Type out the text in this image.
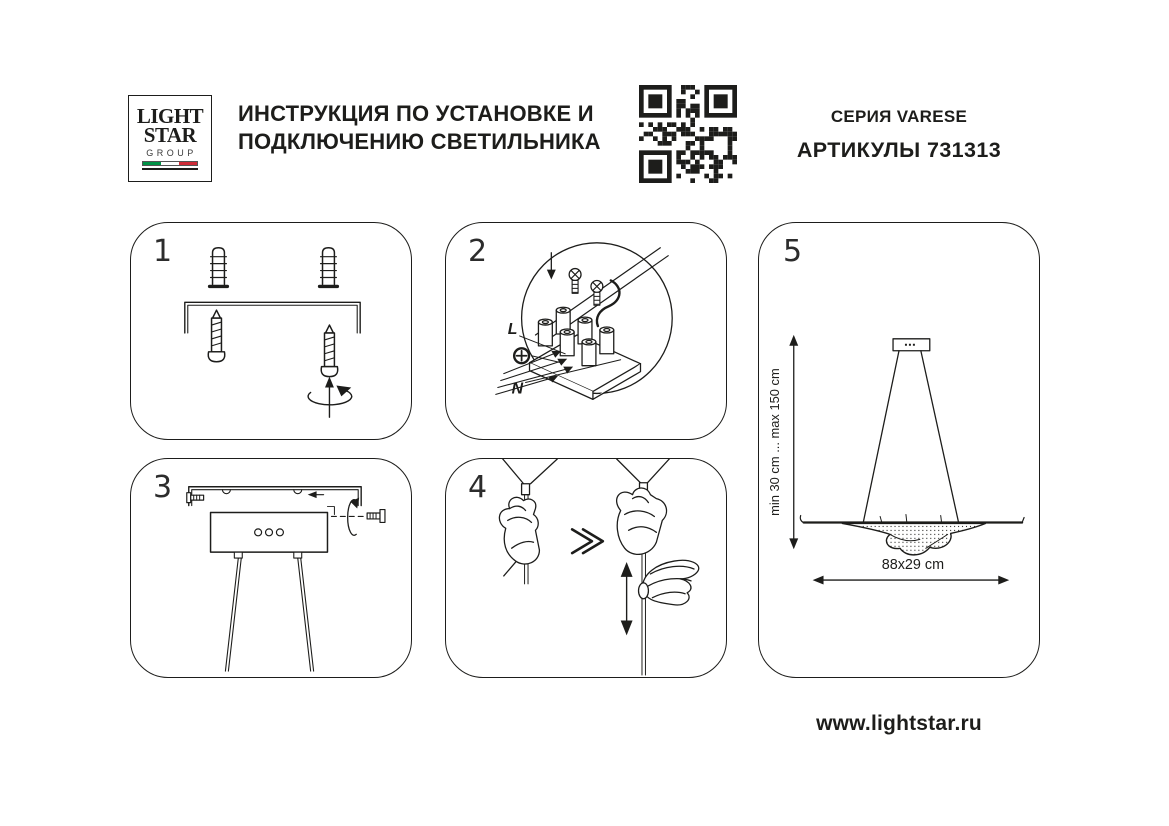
LIGHT
STAR
GROUP
ИНСТРУКЦИЯ ПО УСТАНОВКЕ И
ПОДКЛЮЧЕНИЮ СВЕТИЛЬНИКА
СЕРИЯ VARESE
АРТИКУЛЫ 731313
1	2
L
N
3	4
5
min 30 cm ... max 150 cm
88x29 cm
www.lightstar.ru
